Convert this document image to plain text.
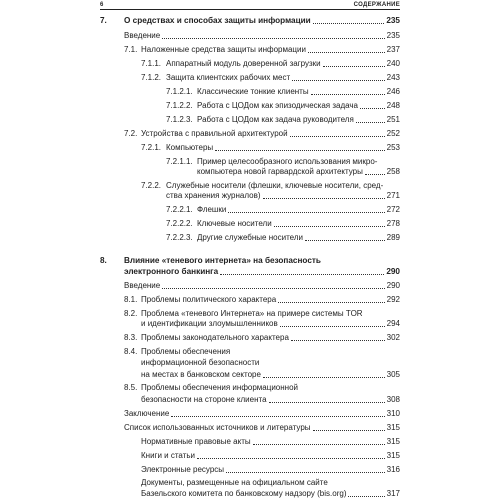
6	СОДЕРЖАНИЕ
7.	О средствах и способах защиты информации	235
Введение	235
7.1. Наложенные средства защиты информации	237
7.1.1. Аппаратный модуль доверенной загрузки	240
7.1.2. Защита клиентских рабочих мест	243
7.1.2.1. Классические тонкие клиенты	246
7.1.2.2. Работа с ЦОДом как эпизодическая задача	248
7.1.2.3. Работа с ЦОДом как задача руководителя	251
7.2. Устройства с правильной архитектурой	252
7.2.1. Компьютеры	253
7.2.1.1. Пример целесообразного использования микро-
компьютера новой гарвардской архитектуры	258
7.2.2. Служебные носители (флешки, ключевые носители, сред-
ства хранения журналов)	271
7.2.2.1. Флешки	272
7.2.2.2. Ключевые носители	278
7.2.2.3. Другие служебные носители	289
8. Влияние «теневого интернета» на безопасность
электронного банкинга	290
Введение	290
8.1. Проблемы политического характера	292
8.2. Проблема «теневого Интернета» на примере системы TOR
и идентификации злоумышленников	294
8.3. Проблемы законодательного характера	302
8.4. Проблемы обеспечения
информационной безопасности
на местах в банковском секторе	305
8.5. Проблемы обеспечения информационной
безопасности на стороне клиента	308
Заключение	310
Список использованных источников и литературы	315
Нормативные правовые акты	315
Книги и статьи	315
Электронные ресурсы	316
Документы, размещенные на официальном сайте
Базельского комитета по банковскому надзору (bis.org)	317
